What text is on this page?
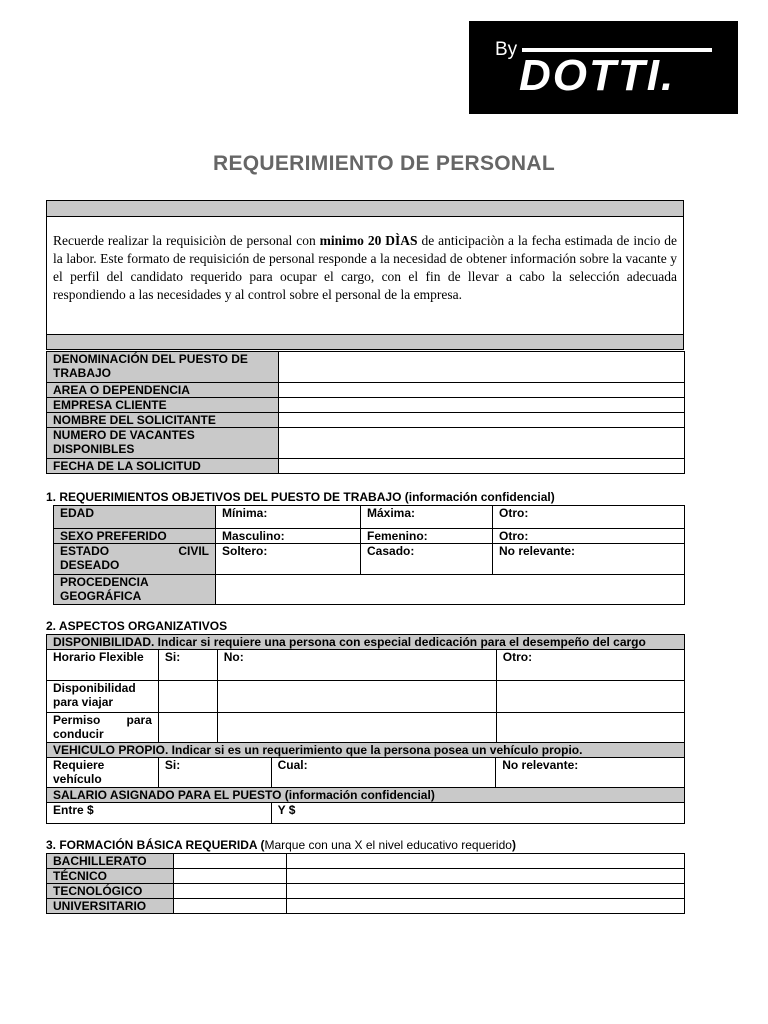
By
DOTTI.
REQUERIMIENTO DE PERSONAL

Recuerde realizar la requisiciòn de personal con minimo 20 DÌAS de anticipaciòn a la fecha estimada de incio de la labor. Este formato de requisición de personal responde a la necesidad de obtener información sobre la vacante y el perfil del candidato requerido para ocupar el cargo, con el fin de llevar a cabo la selección adecuada respondiendo a las necesidades y al control sobre el personal de la empresa.

DENOMINACIÓN DEL PUESTO DE TRABAJO	
AREA O DEPENDENCIA	
EMPRESA CLIENTE	
NOMBRE DEL SOLICITANTE	
NUMERO DE VACANTES DISPONIBLES	
FECHA DE LA SOLICITUD	
1. REQUERIMIENTOS OBJETIVOS DEL PUESTO DE TRABAJO (información confidencial)
EDAD	Mínima:	Máxima:	Otro:
SEXO PREFERIDO	Masculino:	Femenino:	Otro:

ESTADO CIVIL
DESEADO	Soltero:	Casado:	No relevante:
PROCEDENCIA GEOGRÁFICA			
2. ASPECTOS ORGANIZATIVOS
DISPONIBILIDAD. Indicar si requiere una persona con especial dedicación para el desempeño del cargo				
Horario Flexible	Si:	No: Otro:		

Disponibilidad para viajar				

Permiso para
conducir				

VEHICULO PROPIO. Indicar si es un requerimiento que la persona posea un vehículo propio.				
Requiere vehículo	Si:		Cual:	No relevante:
SALARIO ASIGNADO PARA EL PUESTO (información confidencial)				
Entre $			Y $	
3. FORMACIÓN BÁSICA REQUERIDA (Marque con una X el nivel educativo requerido)
BACHILLERATO		
TÉCNICO		
TECNOLÓGICO		
UNIVERSITARIO		
